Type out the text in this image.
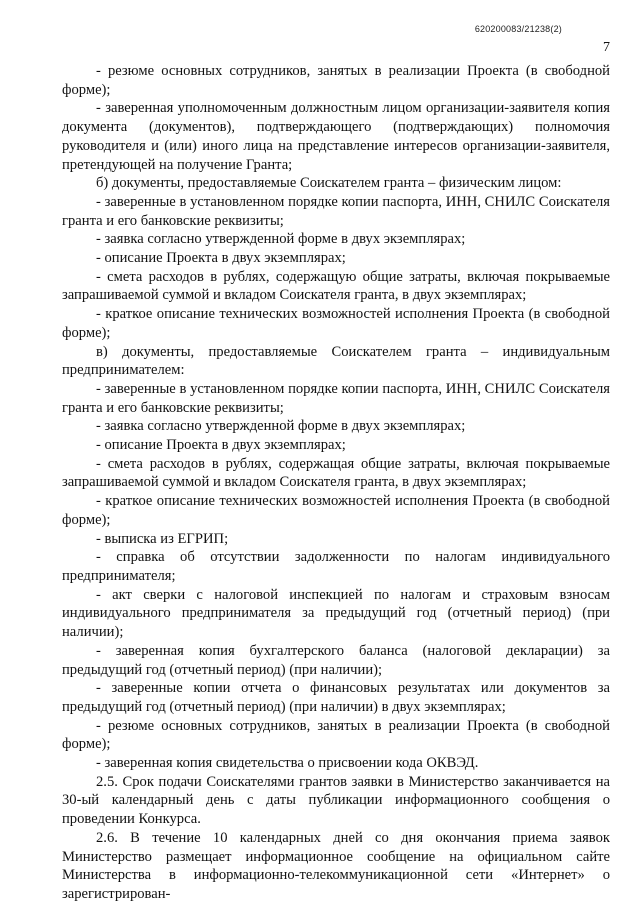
620200083/21238(2)
7

- резюме основных сотрудников, занятых в реализации Проекта (в свободной форме);

- заверенная уполномоченным должностным лицом организации-заявителя копия документа (документов), подтверждающего (подтверждающих) полномочия руководителя и (или) иного лица на представление интересов организации-заявителя, претендующей на получение Гранта;

б) документы, предоставляемые Соискателем гранта – физическим лицом:

- заверенные в установленном порядке копии паспорта, ИНН, СНИЛС Соискателя гранта и его банковские реквизиты;

- заявка согласно утвержденной форме в двух экземплярах;

- описание Проекта в двух экземплярах;

- смета расходов в рублях, содержащую общие затраты, включая покрываемые запрашиваемой суммой и вкладом Соискателя гранта, в двух экземплярах;

- краткое описание технических возможностей исполнения Проекта (в свободной форме);

в) документы, предоставляемые Соискателем гранта – индивидуальным предпринимателем:

- заверенные в установленном порядке копии паспорта, ИНН, СНИЛС Соискателя гранта и его банковские реквизиты;

- заявка согласно утвержденной форме в двух экземплярах;

- описание Проекта в двух экземплярах;

- смета расходов в рублях, содержащая общие затраты, включая покрываемые запрашиваемой суммой и вкладом Соискателя гранта, в двух экземплярах;

- краткое описание технических возможностей исполнения Проекта (в свободной форме);

- выписка из ЕГРИП;

- справка об отсутствии задолженности по налогам индивидуального предпринимателя;

- акт сверки с налоговой инспекцией по налогам и страховым взносам индивидуального предпринимателя за предыдущий год (отчетный период) (при наличии);

- заверенная копия бухгалтерского баланса (налоговой декларации) за предыдущий год (отчетный период) (при наличии);

- заверенные копии отчета о финансовых результатах или документов за предыдущий год (отчетный период) (при наличии) в двух экземплярах;

- резюме основных сотрудников, занятых в реализации Проекта (в свободной форме);

- заверенная копия свидетельства о присвоении кода ОКВЭД.

2.5. Срок подачи Соискателями грантов заявки в Министерство заканчивается на 30-ый календарный день с даты публикации информационного сообщения о проведении Конкурса.

2.6. В течение 10 календарных дней со дня окончания приема заявок Министерство размещает информационное сообщение на официальном сайте Министерства в информационно-телекоммуникационной сети «Интернет» о зарегистрирован-
